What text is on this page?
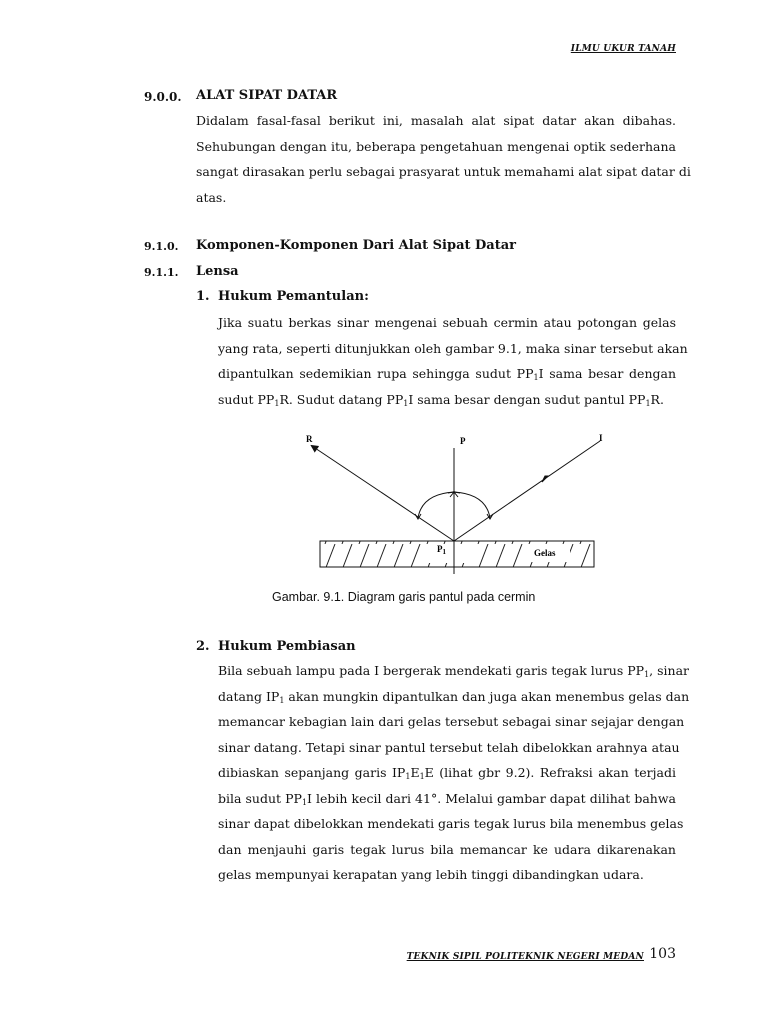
ILMU UKUR TANAH
9.0.0. ALAT SIPAT DATAR
Didalam fasal-fasal berikut ini, masalah alat sipat datar akan dibahas.
Sehubungan dengan itu, beberapa pengetahuan mengenai optik sederhana
sangat dirasakan perlu sebagai prasyarat untuk memahami alat sipat datar di
atas.
9.1.0. Komponen-Komponen Dari Alat Sipat Datar
9.1.1. Lensa
1. Hukum Pemantulan:
Jika suatu berkas sinar mengenai sebuah cermin atau potongan gelas
yang rata, seperti ditunjukkan oleh gambar 9.1, maka sinar tersebut akan
dipantulkan sedemikian rupa sehingga sudut $PP_1I$ sama besar dengan
sudut $PP_1R$. Sudut datang $PP_1I$ sama besar dengan sudut pantul $PP_1R$.
R	P	I
$P_1$	Gelas
Gambar. 9.1. Diagram garis pantul pada cermin
2. Hukum Pembiasan
Bila sebuah lampu pada I bergerak mendekati garis tegak lurus $PP_1$, sinar
datang $IP_1$ akan mungkin dipantulkan dan juga akan menembus gelas dan
memancar kebagian lain dari gelas tersebut sebagai sinar sejajar dengan
sinar datang. Tetapi sinar pantul tersebut telah dibelokkan arahnya atau
dibiaskan sepanjang garis $IP_1E_1E$ (lihat gbr 9.2). Refraksi akan terjadi
bila sudut $PP_1I$ lebih kecil dari 41°. Melalui gambar dapat dilihat bahwa
sinar dapat dibelokkan mendekati garis tegak lurus bila menembus gelas
dan menjauhi garis tegak lurus bila memancar ke udara dikarenakan
gelas mempunyai kerapatan yang lebih tinggi dibandingkan udara.
TEKNIK SIPIL POLITEKNIK NEGERI MEDAN 103
